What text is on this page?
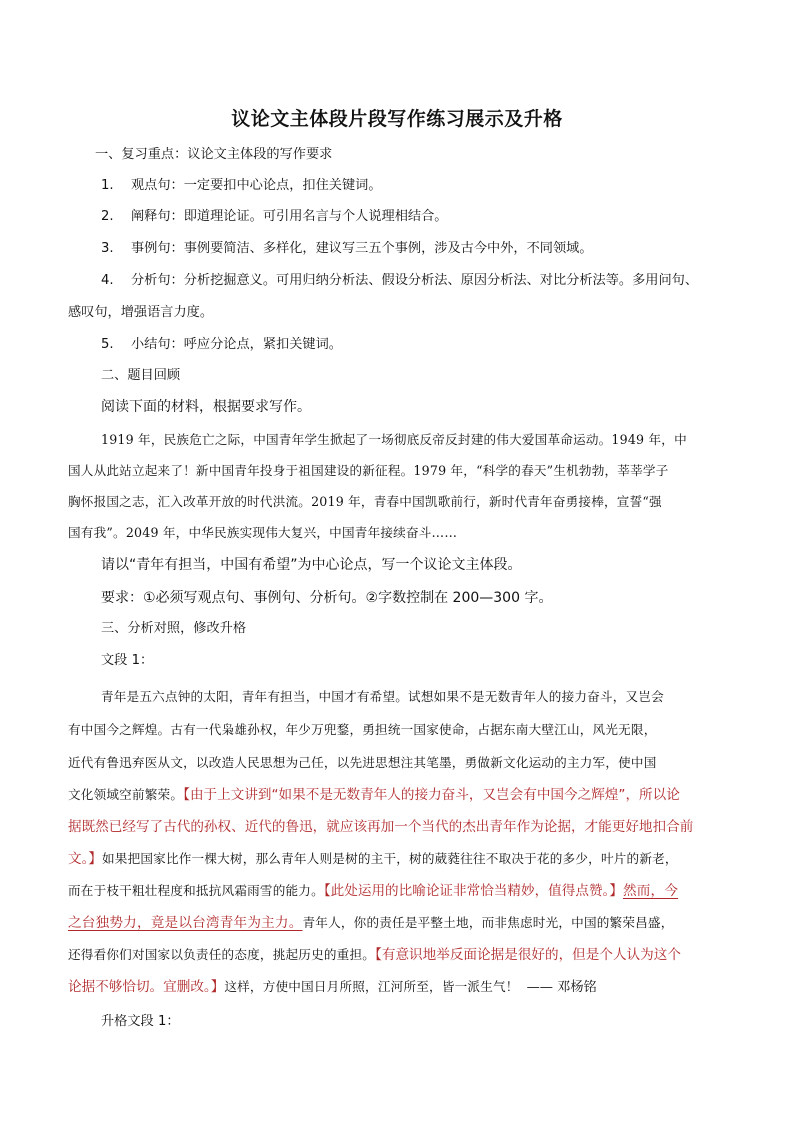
议论文主体段片段写作练习展示及升格
一、复习重点：议论文主体段的写作要求
1. 观点句：一定要扣中心论点，扣住关键词。
2. 阐释句：即道理论证。可引用名言与个人说理相结合。
3. 事例句：事例要简洁、多样化，建议写三五个事例，涉及古今中外，不同领域。
4. 分析句：分析挖掘意义。可用归纳分析法、假设分析法、原因分析法、对比分析法等。多用问句、
感叹句，增强语言力度。
5. 小结句：呼应分论点，紧扣关键词。
二、题目回顾
阅读下面的材料，根据要求写作。
1919 年，民族危亡之际，中国青年学生掀起了一场彻底反帝反封建的伟大爱国革命运动。1949 年，中
国人从此站立起来了！新中国青年投身于祖国建设的新征程。1979 年，“科学的春天”生机勃勃，莘莘学子
胸怀报国之志，汇入改革开放的时代洪流。2019 年，青春中国凯歌前行，新时代青年奋勇接棒，宣誓“强
国有我”。2049 年，中华民族实现伟大复兴，中国青年接续奋斗……
请以“青年有担当，中国有希望”为中心论点，写一个议论文主体段。
要求：①必须写观点句、事例句、分析句。②字数控制在 200—300 字。
三、分析对照，修改升格
文段 1：
青年是五六点钟的太阳，青年有担当，中国才有希望。试想如果不是无数青年人的接力奋斗，又岂会
有中国今之辉煌。古有一代枭雄孙权，年少万兜鍪，勇担统一国家使命，占据东南大壁江山，风光无限，
近代有鲁迅弃医从文，以改造人民思想为己任，以先进思想注其笔墨，勇做新文化运动的主力军，使中国
文化领域空前繁荣。【由于上文讲到“如果不是无数青年人的接力奋斗，又岂会有中国今之辉煌”，所以论
据既然已经写了古代的孙权、近代的鲁迅，就应该再加一个当代的杰出青年作为论据，才能更好地扣合前
文。】如果把国家比作一棵大树，那么青年人则是树的主干，树的葳蕤往往不取决于花的多少，叶片的新老，
而在于枝干粗壮程度和抵抗风霜雨雪的能力。【此处运用的比喻论证非常恰当精妙，值得点赞。】然而，今
之台独势力，竟是以台湾青年为主力。青年人，你的责任是平整土地，而非焦虑时光，中国的繁荣昌盛，
还得看你们对国家以负责任的态度，挑起历史的重担。【有意识地举反面论据是很好的，但是个人认为这个
论据不够恰切。宜删改。】这样，方使中国日月所照，江河所至，皆一派生气！ —— 邓杨铭
升格文段 1：
